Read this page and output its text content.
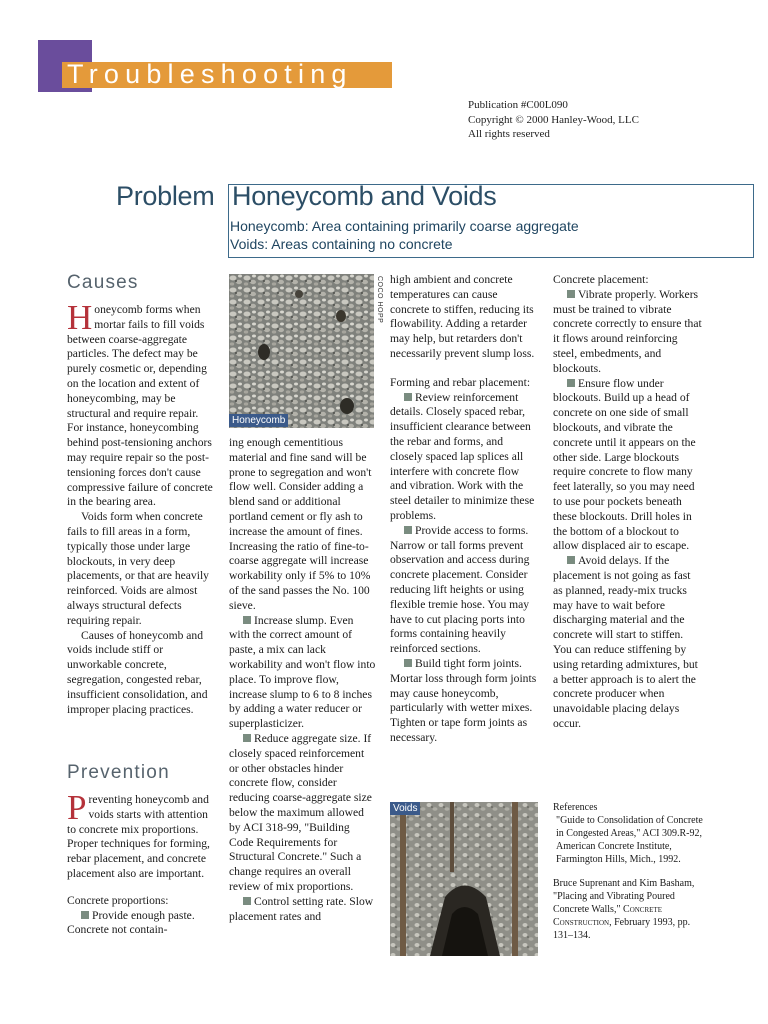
Troubleshooting
Publication #C00L090
Copyright © 2000 Hanley-Wood, LLC
All rights reserved
Problem Honeycomb and Voids
Honeycomb: Area containing primarily coarse aggregate
Voids: Areas containing no concrete
Causes

Honeycomb forms when mortar fails to fill voids between coarse-aggregate particles. The defect may be purely cosmetic or, depending on the location and extent of honeycombing, may be structural and require repair. For instance, honeycombing behind post-tensioning anchors may require repair so the post-tensioning forces don't cause compressive failure of concrete in the bearing area.

Voids form when concrete fails to fill areas in a form, typically those under large blockouts, in very deep placements, or that are heavily reinforced. Voids are almost always structural defects requiring repair.

Causes of honeycomb and voids include stiff or unworkable concrete, segregation, congested rebar, insufficient consolidation, and improper placing practices.

Prevention

Preventing honeycomb and voids starts with attention to concrete mix proportions. Proper techniques for forming, rebar placement, and concrete placement also are important.

Concrete proportions:

Provide enough paste. Concrete not contain-

Honeycomb
COCO HOPP

ing enough cementitious material and fine sand will be prone to segregation and won't flow well. Consider adding a blend sand or additional portland cement or fly ash to increase the amount of fines. Increasing the ratio of fine-to-coarse aggregate will increase workability only if 5% to 10% of the sand passes the No. 100 sieve.

Increase slump. Even with the correct amount of paste, a mix can lack workability and won't flow into place. To improve flow, increase slump to 6 to 8 inches by adding a water reducer or superplasticizer.

Reduce aggregate size. If closely spaced reinforcement or other obstacles hinder concrete flow, consider reducing coarse-aggregate size below the maximum allowed by ACI 318-99, "Building Code Requirements for Structural Concrete." Such a change requires an overall review of mix proportions.

Control setting rate. Slow placement rates and

high ambient and concrete temperatures can cause concrete to stiffen, reducing its flowability. Adding a retarder may help, but retarders don't necessarily prevent slump loss.

Forming and rebar placement:

Review reinforcement details. Closely spaced rebar, insufficient clearance between the rebar and forms, and closely spaced lap splices all interfere with concrete flow and vibration. Work with the steel detailer to minimize these problems.

Provide access to forms. Narrow or tall forms prevent observation and access during concrete placement. Consider reducing lift heights or using flexible tremie hose. You may have to cut placing ports into forms containing heavily reinforced sections.

Build tight form joints. Mortar loss through form joints may cause honeycomb, particularly with wetter mixes. Tighten or tape form joints as necessary.

Voids

Concrete placement:

Vibrate properly. Workers must be trained to vibrate concrete correctly to ensure that it flows around reinforcing steel, embedments, and blockouts.

Ensure flow under blockouts. Build up a head of concrete on one side of small blockouts, and vibrate the concrete until it appears on the other side. Large blockouts require concrete to flow many feet laterally, so you may need to use pour pockets beneath these blockouts. Drill holes in the bottom of a blockout to allow displaced air to escape.

Avoid delays. If the placement is not going as fast as planned, ready-mix trucks may have to wait before discharging material and the concrete will start to stiffen. You can reduce stiffening by using retarding admixtures, but a better approach is to alert the concrete producer when unavoidable placing delays occur.

References

"Guide to Consolidation of Concrete in Congested Areas," ACI 309.R-92, American Concrete Institute, Farmington Hills, Mich., 1992.

Bruce Suprenant and Kim Basham, "Placing and Vibrating Poured Concrete Walls," Concrete Construction, February 1993, pp. 131–134.
